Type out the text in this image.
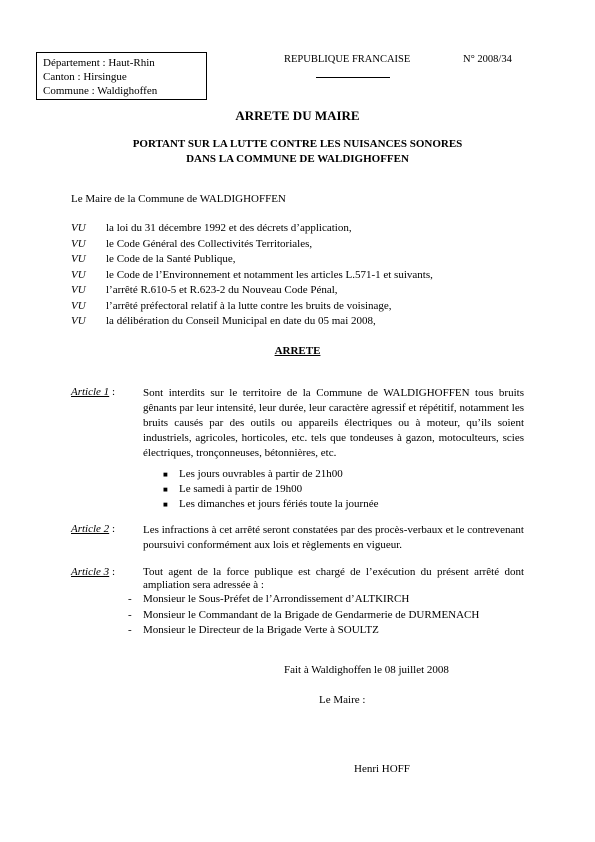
Département : Haut-Rhin
Canton : Hirsingue
Commune : Waldighoffen
REPUBLIQUE FRANCAISE	N° 2008/34
ARRETE DU MAIRE
PORTANT SUR LA LUTTE CONTRE LES NUISANCES SONORES
DANS LA COMMUNE DE WALDIGHOFFEN
Le Maire de la Commune de WALDIGHOFFEN
VU	la loi du 31 décembre 1992 et des décrets d’application,
VU	le Code Général des Collectivités Territoriales,
VU	le Code de la Santé Publique,
VU	le Code de l’Environnement et notamment les articles L.571-1 et suivants,
VU	l’arrêté R.610-5 et R.623-2 du Nouveau Code Pénal,
VU	l’arrêté préfectoral relatif à la lutte contre les bruits de voisinage,
VU	la délibération du Conseil Municipal en date du 05 mai 2008,
ARRETE
Article 1 :	Sont interdits sur le territoire de la Commune de WALDIGHOFFEN tous bruits gênants par leur intensité, leur durée, leur caractère agressif et répétitif, notamment les bruits causés par des outils ou appareils électriques ou à moteur, qu’ils soient industriels, agricoles, horticoles, etc. tels que tondeuses à gazon, motoculteurs, scies électriques, tronçonneuses, bétonnières, etc.
■	Les jours ouvrables à partir de 21h00
■	Le samedi à partir de 19h00
■	Les dimanches et jours fériés toute la journée
Article 2 :	Les infractions à cet arrêté seront constatées par des procès-verbaux et le contrevenant poursuivi conformément aux lois et règlements en vigueur.
Article 3 :	Tout agent de la force publique est chargé de l’exécution du présent arrêté dont ampliation sera adressée à :
-	Monsieur le Sous-Préfet de l’Arrondissement d’ALTKIRCH
-	Monsieur le Commandant de la Brigade de Gendarmerie de DURMENACH
-	Monsieur le Directeur de la Brigade Verte à SOULTZ
Fait à Waldighoffen le 08 juillet 2008
Le Maire :
Henri HOFF
